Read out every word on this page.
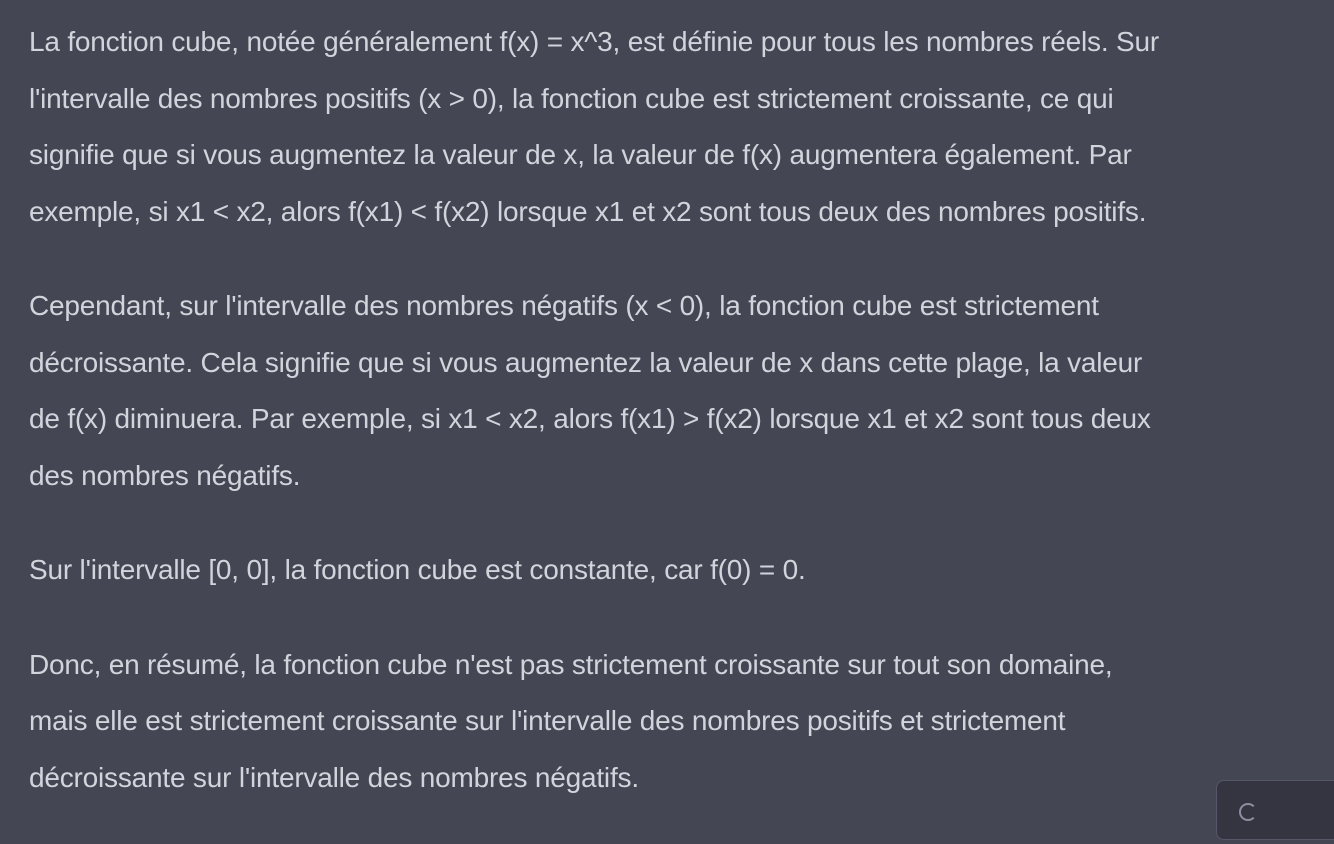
La fonction cube, notée généralement f(x) = x^3, est définie pour tous les nombres réels. Sur
l'intervalle des nombres positifs (x > 0), la fonction cube est strictement croissante, ce qui
signifie que si vous augmentez la valeur de x, la valeur de f(x) augmentera également. Par
exemple, si x1 < x2, alors f(x1) < f(x2) lorsque x1 et x2 sont tous deux des nombres positifs.

Cependant, sur l'intervalle des nombres négatifs (x < 0), la fonction cube est strictement
décroissante. Cela signifie que si vous augmentez la valeur de x dans cette plage, la valeur
de f(x) diminuera. Par exemple, si x1 < x2, alors f(x1) > f(x2) lorsque x1 et x2 sont tous deux
des nombres négatifs.

Sur l'intervalle [0, 0], la fonction cube est constante, car f(0) = 0.

Donc, en résumé, la fonction cube n'est pas strictement croissante sur tout son domaine,
mais elle est strictement croissante sur l'intervalle des nombres positifs et strictement
décroissante sur l'intervalle des nombres négatifs.
